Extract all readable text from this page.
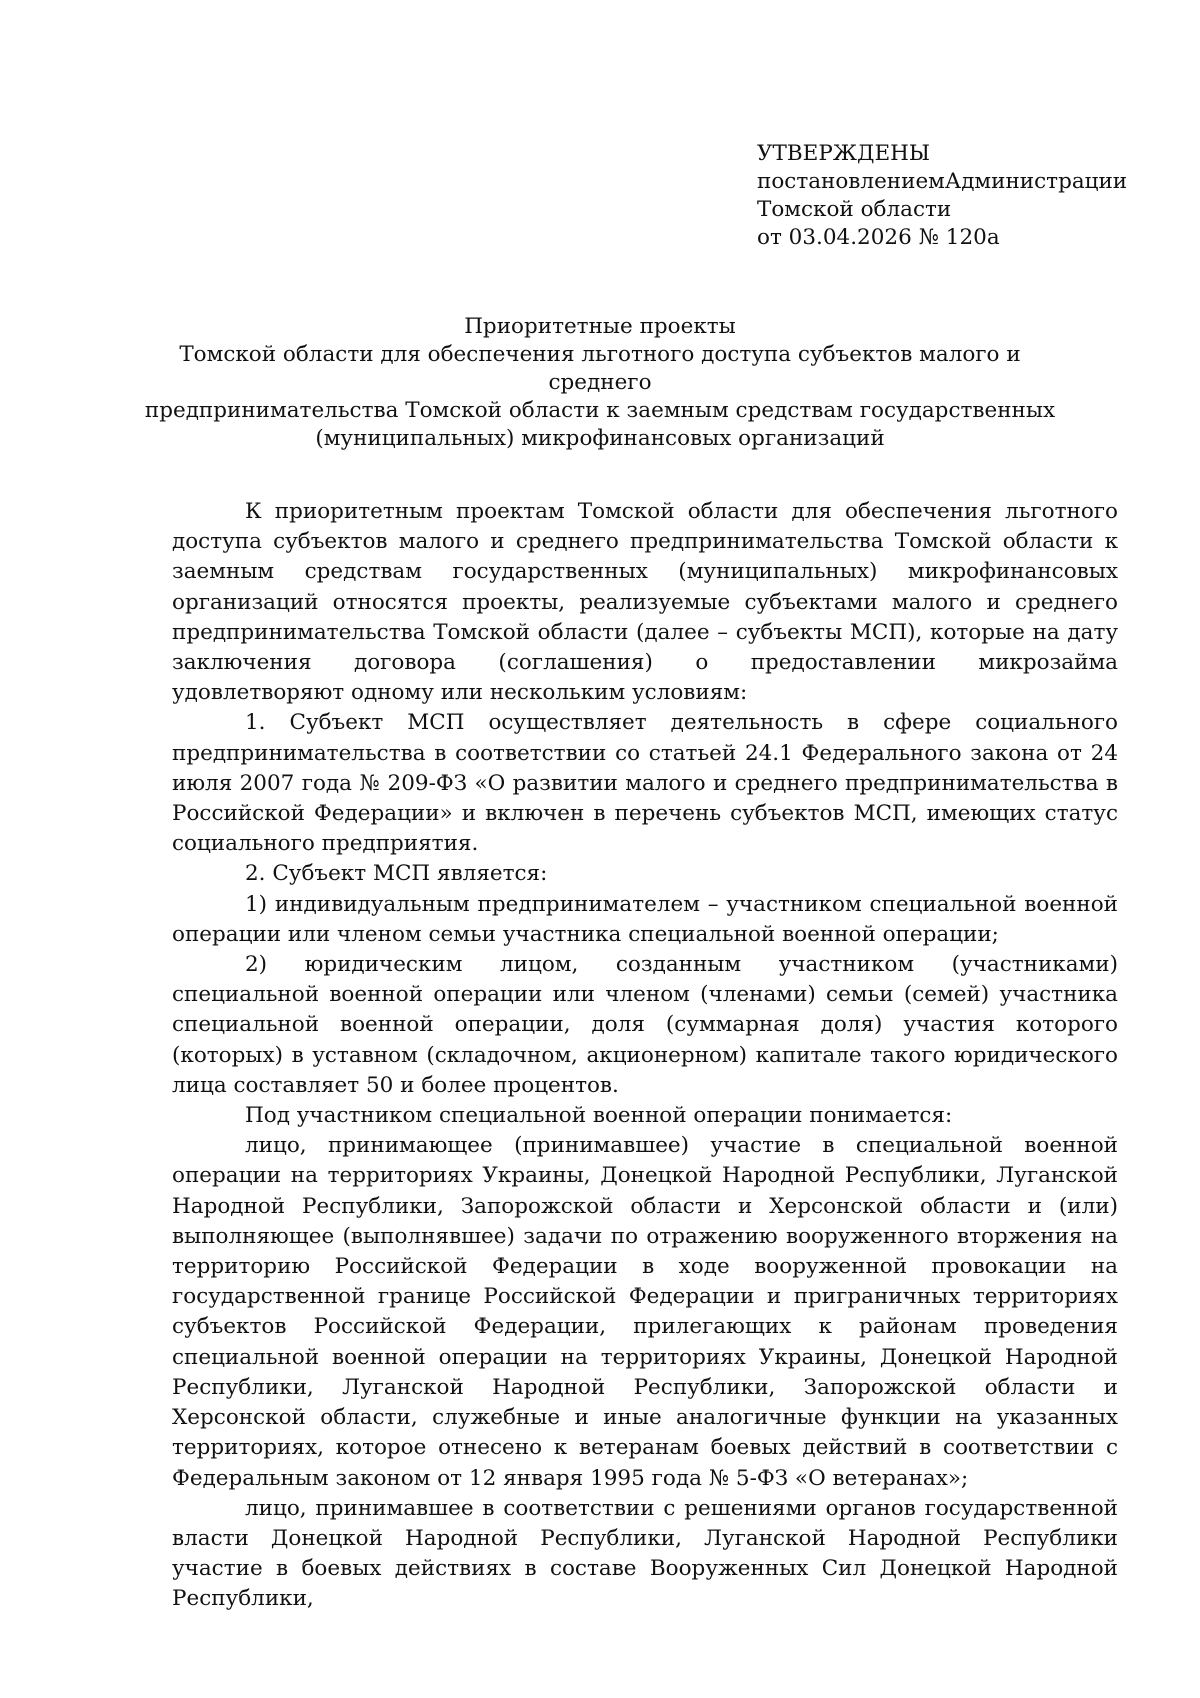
УТВЕРЖДЕНЫ
постановлением Администрации
Томской области
от 03.04.2026 № 120а
Приоритетные проекты
Томской области для обеспечения льготного доступа субъектов малого и среднего
предпринимательства Томской области к заемным средствам государственных
(муниципальных) микрофинансовых организаций

К приоритетным проектам Томской области для обеспечения льготного доступа субъектов малого и среднего предпринимательства Томской области к заемным средствам государственных (муниципальных) микрофинансовых организаций относятся проекты, реализуемые субъектами малого и среднего предпринимательства Томской области (далее – субъекты МСП), которые на дату заключения договора (соглашения) о предоставлении микрозайма удовлетворяют одному или нескольким условиям:

1. Субъект МСП осуществляет деятельность в сфере социального предпринимательства в соответствии со статьей 24.1 Федерального закона от 24 июля 2007 года № 209-ФЗ «О развитии малого и среднего предпринимательства в Российской Федерации» и включен в перечень субъектов МСП, имеющих статус социального предприятия.

2. Субъект МСП является:

1) индивидуальным предпринимателем – участником специальной военной операции или членом семьи участника специальной военной операции;

2) юридическим лицом, созданным участником (участниками) специальной военной операции или членом (членами) семьи (семей) участника специальной военной операции, доля (суммарная доля) участия которого (которых) в уставном (складочном, акционерном) капитале такого юридического лица составляет 50 и более процентов.

Под участником специальной военной операции понимается:

лицо, принимающее (принимавшее) участие в специальной военной операции на территориях Украины, Донецкой Народной Республики, Луганской Народной Республики, Запорожской области и Херсонской области и (или) выполняющее (выполнявшее) задачи по отражению вооруженного вторжения на территорию Российской Федерации в ходе вооруженной провокации на государственной границе Российской Федерации и приграничных территориях субъектов Российской Федерации, прилегающих к районам проведения специальной военной операции на территориях Украины, Донецкой Народной Республики, Луганской Народной Республики, Запорожской области и Херсонской области, служебные и иные аналогичные функции на указанных территориях, которое отнесено к ветеранам боевых действий в соответствии с Федеральным законом от 12 января 1995 года № 5-ФЗ «О ветеранах»;

лицо, принимавшее в соответствии с решениями органов государственной власти Донецкой Народной Республики, Луганской Народной Республики участие в боевых действиях в составе Вооруженных Сил Донецкой Народной Республики,
